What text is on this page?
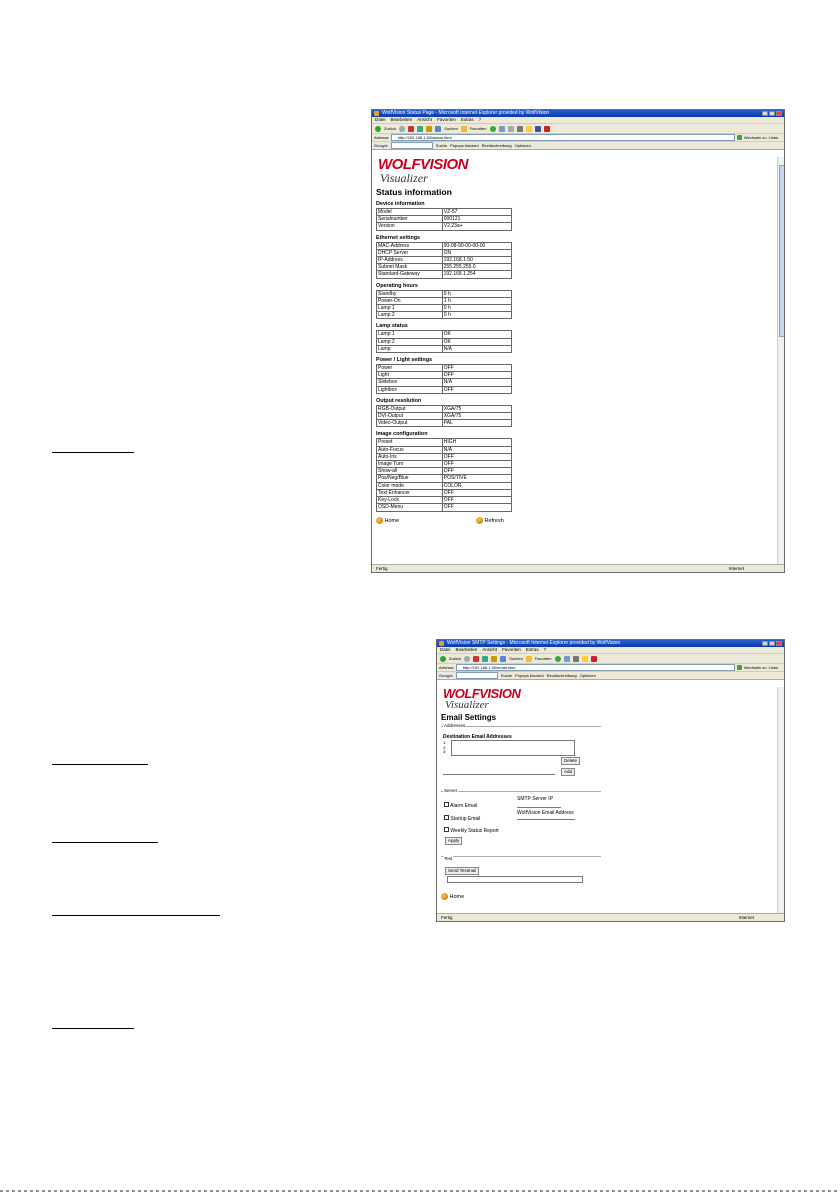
WolfVision Status Page - Microsoft Internet Explorer provided by WolfVision
Datei Bearbeiten Ansicht Favoriten Extras ?
Zurück	Suchen	Favoriten
Adresse	http://192.168.1.50/status.html	Wechseln zu Links
Google	Suche Popups blocked Rechtschreibung Optionen
WOLFVISION
Visualizer
Status information
Device information
Model	VZ-57
Serialnumber	000121
Version	V2.23a+
Ethernet settings
MAC-Address	00-08-90-00-00-00
DHCP Server	ON
IP-Address	192.168.1.50
Subnet Mask	255.255.255.0
Standard-Gateway	192.168.1.254
Operating hours
Standby	9 h
Power-On	1 h
Lamp 1	0 h
Lamp 2	0 h
Lamp status
Lamp 1	OK
Lamp 2	OK
Lamp	N/A
Power / Light settings
Power	OFF
Light	OFF
Slidebox	N/A
Lightbox	OFF
Output resolution
RGB-Output	XGA/75
DVI-Output	XGA/75
Video-Output	PAL
Image configuration
Preset	HIGH
Auto-Focus	N/A
Auto-Iris	OFF
Image Turn	OFF
Show-all	OFF
Pos/Neg/Blue	POSITIVE
Color mode	COLOR
Text Enhancer	OFF
Key-Lock	OFF
OSD-Menu	OFF
Home	Refresh
Fertig	Internet
WolfVision SMTP Settings - Microsoft Internet Explorer provided by WolfVision
Datei Bearbeiten Ansicht Favoriten Extras ?
Zurück	Suchen	Favoriten
Adresse	http://192.168.1.50/email.html	Wechseln zu Links
Google	Suche Popups blocked Rechtschreibung Optionen
WOLFVISION
Visualizer
Email Settings
Addresses
Destination Email Addresses
1:
2:
3:
Delete
Add
Server
Alarm Email
Startup Email
Weekly Status Report
Apply
SMTP Server IP
WolfVision Email Address
Test
Send Testmail
Home
Fertig	Internet
